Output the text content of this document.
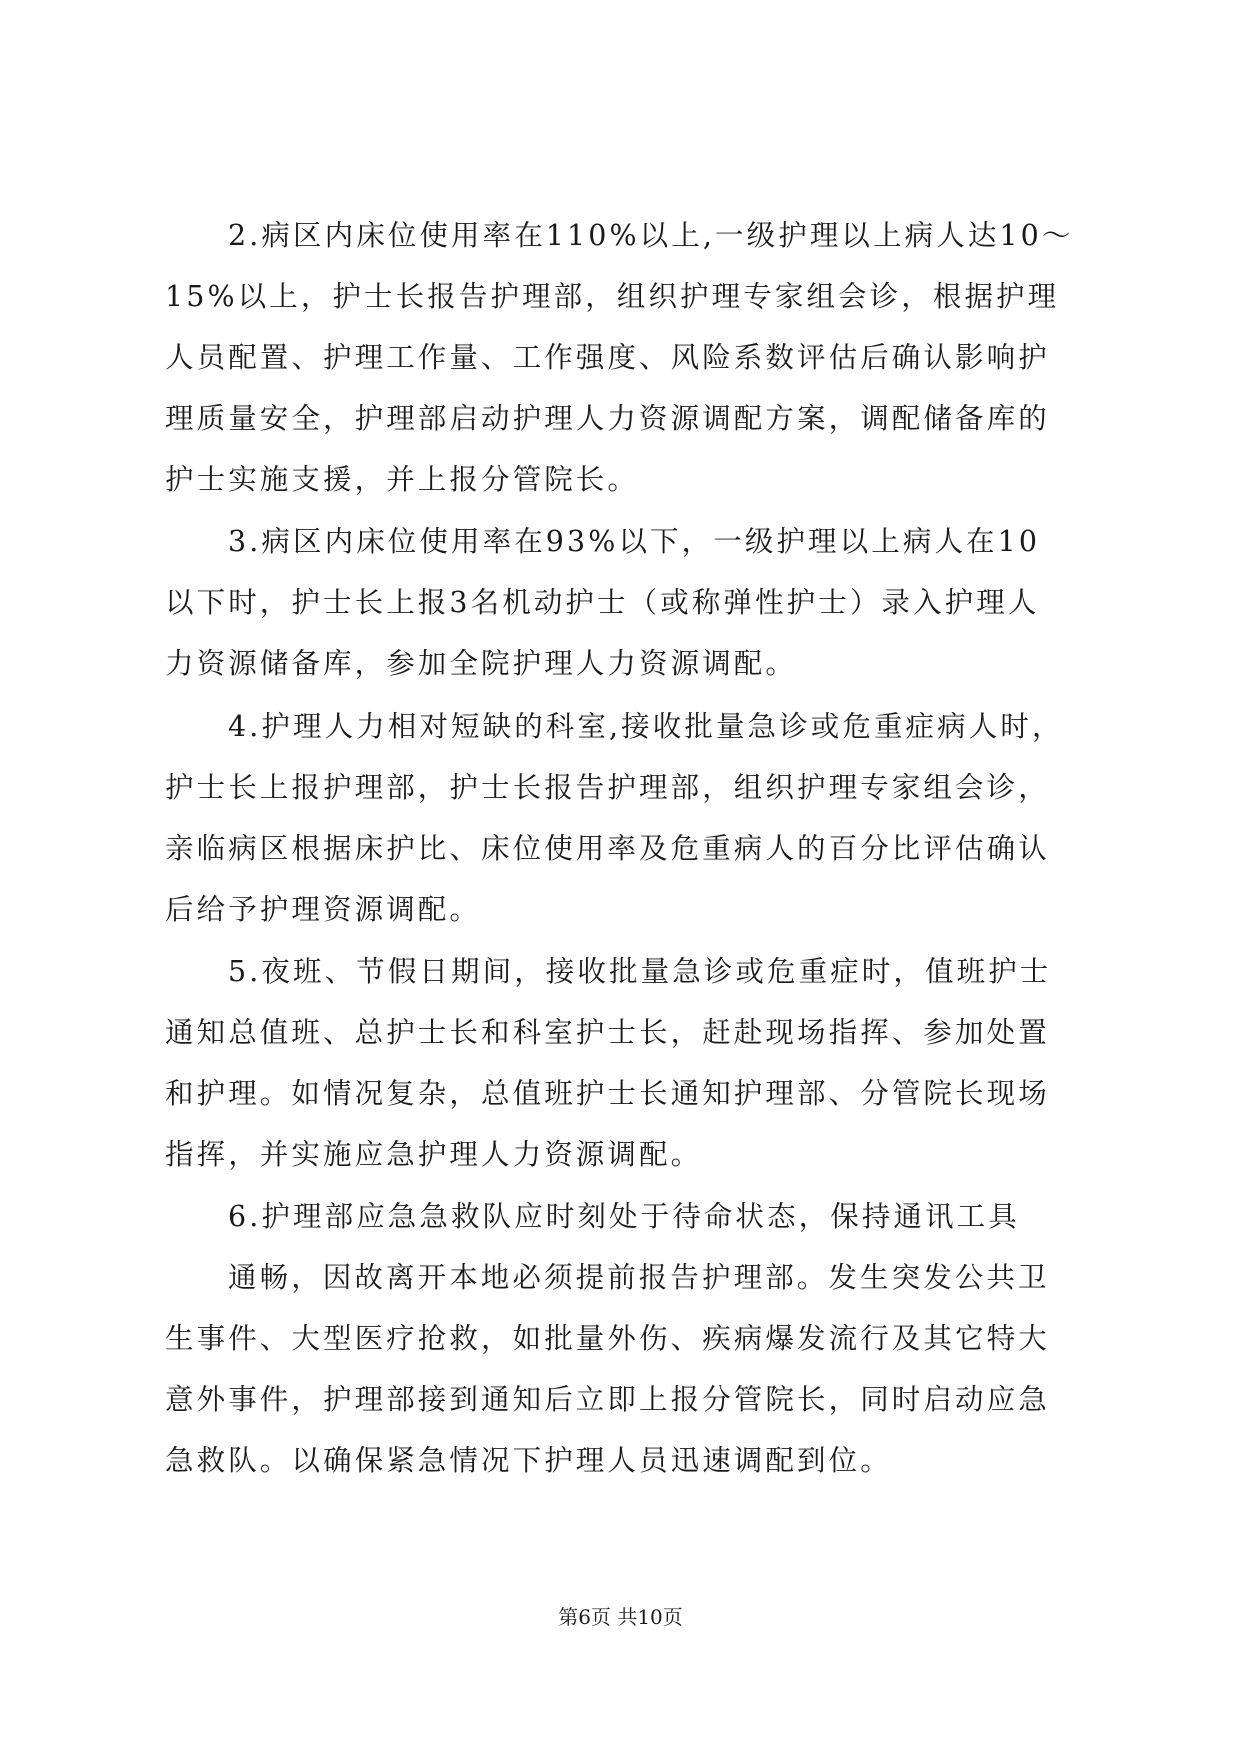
2.病区内床位使用率在110%以上,一级护理以上病人达10～
15%以上，护士长报告护理部，组织护理专家组会诊，根据护理
人员配置、护理工作量、工作强度、风险系数评估后确认影响护
理质量安全，护理部启动护理人力资源调配方案，调配储备库的
护士实施支援，并上报分管院长。
3.病区内床位使用率在93%以下，一级护理以上病人在10
以下时，护士长上报3名机动护士（或称弹性护士）录入护理人
力资源储备库，参加全院护理人力资源调配。
4.护理人力相对短缺的科室,接收批量急诊或危重症病人时，
护士长上报护理部，护士长报告护理部，组织护理专家组会诊，
亲临病区根据床护比、床位使用率及危重病人的百分比评估确认
后给予护理资源调配。
5.夜班、节假日期间，接收批量急诊或危重症时，值班护士
通知总值班、总护士长和科室护士长，赶赴现场指挥、参加处置
和护理。如情况复杂，总值班护士长通知护理部、分管院长现场
指挥，并实施应急护理人力资源调配。
6.护理部应急急救队应时刻处于待命状态，保持通讯工具
通畅，因故离开本地必须提前报告护理部。发生突发公共卫
生事件、大型医疗抢救，如批量外伤、疾病爆发流行及其它特大
意外事件，护理部接到通知后立即上报分管院长，同时启动应急
急救队。以确保紧急情况下护理人员迅速调配到位。
第6页 共10页
